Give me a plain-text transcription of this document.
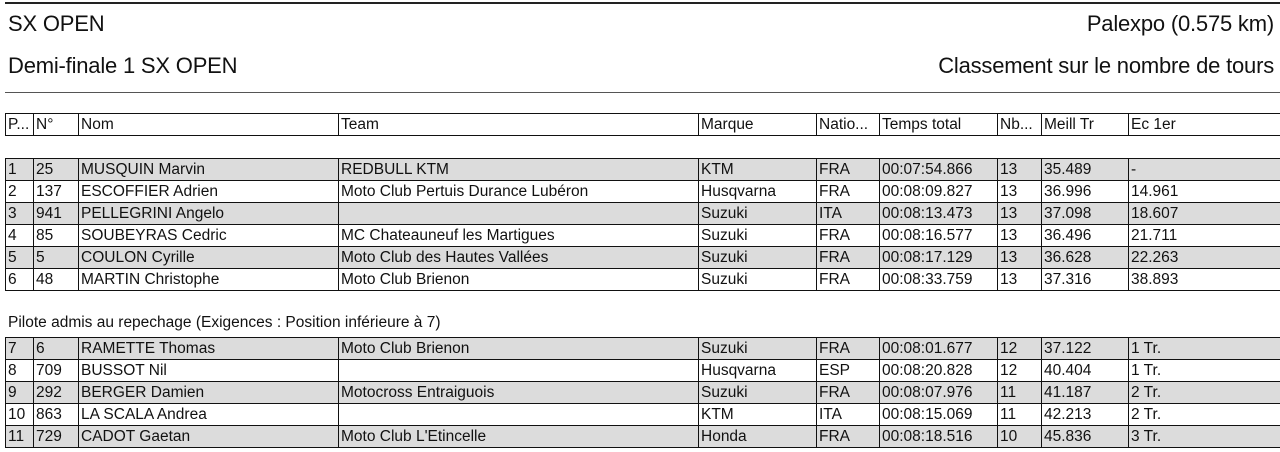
SX OPEN	Palexpo (0.575 km)
Demi-finale 1 SX OPEN	Classement sur le nombre de tours
P...	N°	Nom	Team	Marque	Natio...	Temps total	Nb...	Meill Tr	Ec 1er
1	25	MUSQUIN Marvin	REDBULL KTM	KTM	FRA	00:07:54.866	13	35.489	-
2	137	ESCOFFIER Adrien	Moto Club Pertuis Durance Lubéron	Husqvarna	FRA	00:08:09.827	13	36.996	14.961
3	941	PELLEGRINI Angelo		Suzuki	ITA	00:08:13.473	13	37.098	18.607
4	85	SOUBEYRAS Cedric	MC Chateauneuf les Martigues	Suzuki	FRA	00:08:16.577	13	36.496	21.711
5	5	COULON Cyrille	Moto Club des Hautes Vallées	Suzuki	FRA	00:08:17.129	13	36.628	22.263
6	48	MARTIN Christophe	Moto Club Brienon	Suzuki	FRA	00:08:33.759	13	37.316	38.893
Pilote admis au repechage (Exigences : Position inférieure à 7)
7	6	RAMETTE Thomas	Moto Club Brienon	Suzuki	FRA	00:08:01.677	12	37.122	1 Tr.
8	709	BUSSOT Nil		Husqvarna	ESP	00:08:20.828	12	40.404	1 Tr.
9	292	BERGER Damien	Motocross Entraiguois	Suzuki	FRA	00:08:07.976	11	41.187	2 Tr.
10	863	LA SCALA Andrea		KTM	ITA	00:08:15.069	11	42.213	2 Tr.
11	729	CADOT Gaetan	Moto Club L'Etincelle	Honda	FRA	00:08:18.516	10	45.836	3 Tr.
